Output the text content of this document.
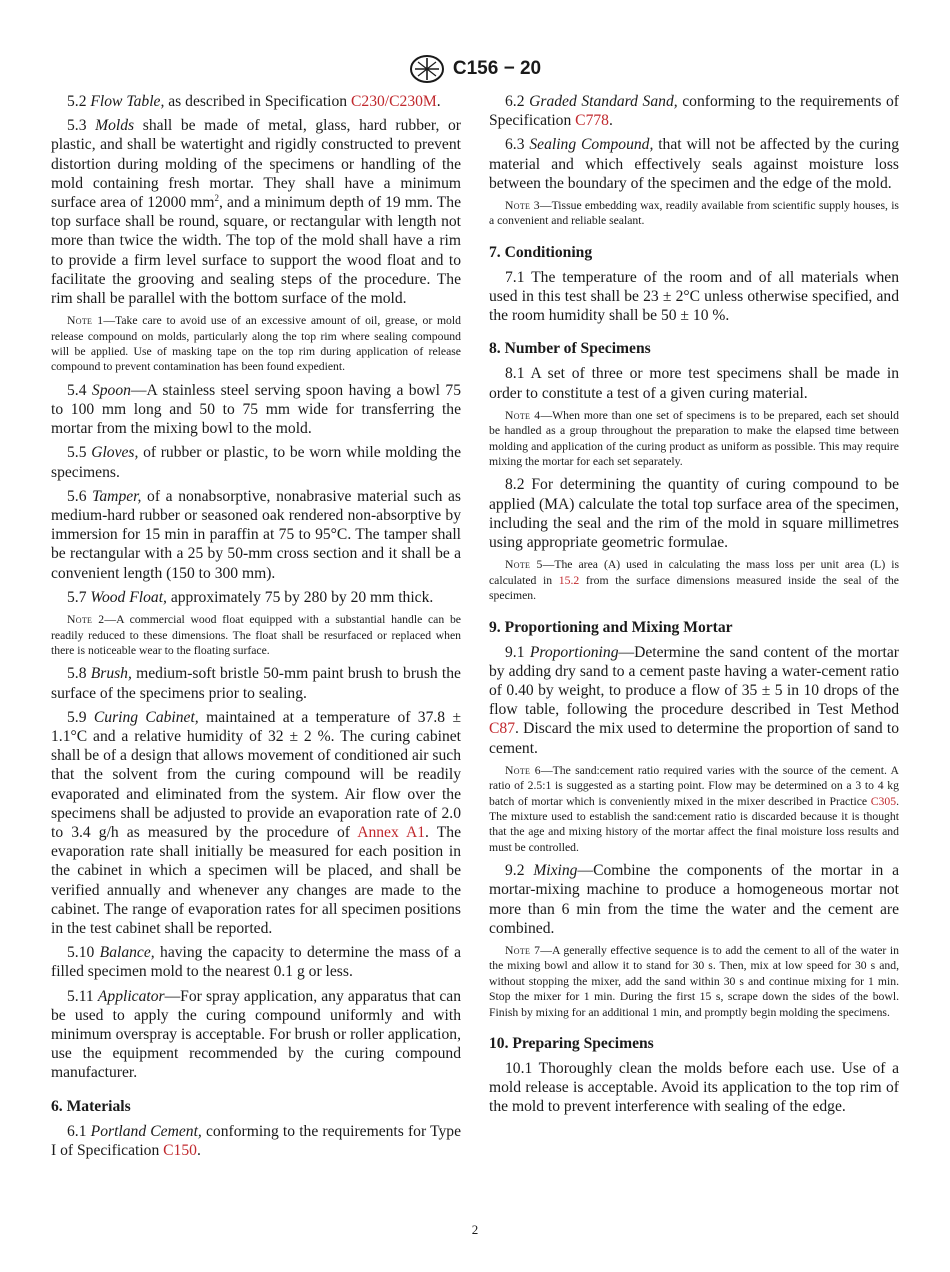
C156 − 20

5.2 Flow Table, as described in Specification C230/C230M.

5.3 Molds shall be made of metal, glass, hard rubber, or plastic, and shall be watertight and rigidly constructed to prevent distortion during molding of the specimens or handling of the mold containing fresh mortar. They shall have a minimum surface area of 12000 $mm^2$, and a minimum depth of 19 mm. The top surface shall be round, square, or rectangular with length not more than twice the width. The top of the mold shall have a rim to provide a firm level surface to support the wood float and to facilitate the grooving and sealing steps of the procedure. The rim shall be parallel with the bottom surface of the mold.

Note 1—Take care to avoid use of an excessive amount of oil, grease, or mold release compound on molds, particularly along the top rim where sealing compound will be applied. Use of masking tape on the top rim during application of release compound to prevent contamination has been found expedient.

5.4 Spoon—A stainless steel serving spoon having a bowl 75 to 100 mm long and 50 to 75 mm wide for transferring the mortar from the mixing bowl to the mold.

5.5 Gloves, of rubber or plastic, to be worn while molding the specimens.

5.6 Tamper, of a nonabsorptive, nonabrasive material such as medium-hard rubber or seasoned oak rendered non-absorptive by immersion for 15 min in paraffin at 75 to 95°C. The tamper shall be rectangular with a 25 by 50-mm cross section and it shall be a convenient length (150 to 300 mm).

5.7 Wood Float, approximately 75 by 280 by 20 mm thick.

Note 2—A commercial wood float equipped with a substantial handle can be readily reduced to these dimensions. The float shall be resurfaced or replaced when there is noticeable wear to the floating surface.

5.8 Brush, medium-soft bristle 50-mm paint brush to brush the surface of the specimens prior to sealing.

5.9 Curing Cabinet, maintained at a temperature of 37.8 ± 1.1°C and a relative humidity of 32 ± 2 %. The curing cabinet shall be of a design that allows movement of conditioned air such that the solvent from the curing compound will be readily evaporated and eliminated from the system. Air flow over the specimens shall be adjusted to provide an evaporation rate of 2.0 to 3.4 g/h as measured by the procedure of Annex A1. The evaporation rate shall initially be measured for each position in the cabinet in which a specimen will be placed, and shall be verified annually and whenever any changes are made to the cabinet. The range of evaporation rates for all specimen positions in the test cabinet shall be reported.

5.10 Balance, having the capacity to determine the mass of a filled specimen mold to the nearest 0.1 g or less.

5.11 Applicator—For spray application, any apparatus that can be used to apply the curing compound uniformly and with minimum overspray is acceptable. For brush or roller application, use the equipment recommended by the curing compound manufacturer.

6. Materials

6.1 Portland Cement, conforming to the requirements for Type I of Specification C150.

6.2 Graded Standard Sand, conforming to the requirements of Specification C778.

6.3 Sealing Compound, that will not be affected by the curing material and which effectively seals against moisture loss between the boundary of the specimen and the edge of the mold.

Note 3—Tissue embedding wax, readily available from scientific supply houses, is a convenient and reliable sealant.

7. Conditioning

7.1 The temperature of the room and of all materials when used in this test shall be 23 ± 2°C unless otherwise specified, and the room humidity shall be 50 ± 10 %.

8. Number of Specimens

8.1 A set of three or more test specimens shall be made in order to constitute a test of a given curing material.

Note 4—When more than one set of specimens is to be prepared, each set should be handled as a group throughout the preparation to make the elapsed time between molding and application of the curing product as uniform as possible. This may require mixing the mortar for each set separately.

8.2 For determining the quantity of curing compound to be applied (MA) calculate the total top surface area of the specimen, including the seal and the rim of the mold in square millimetres using appropriate geometric formulae.

Note 5—The area (A) used in calculating the mass loss per unit area (L) is calculated in 15.2 from the surface dimensions measured inside the seal of the specimen.

9. Proportioning and Mixing Mortar

9.1 Proportioning—Determine the sand content of the mortar by adding dry sand to a cement paste having a water-cement ratio of 0.40 by weight, to produce a flow of 35 ± 5 in 10 drops of the flow table, following the procedure described in Test Method C87. Discard the mix used to determine the proportion of sand to cement.

Note 6—The sand:cement ratio required varies with the source of the cement. A ratio of 2.5:1 is suggested as a starting point. Flow may be determined on a 3 to 4 kg batch of mortar which is conveniently mixed in the mixer described in Practice C305. The mixture used to establish the sand:cement ratio is discarded because it is thought that the age and mixing history of the mortar affect the final moisture loss results and must be controlled.

9.2 Mixing—Combine the components of the mortar in a mortar-mixing machine to produce a homogeneous mortar not more than 6 min from the time the water and the cement are combined.

Note 7—A generally effective sequence is to add the cement to all of the water in the mixing bowl and allow it to stand for 30 s. Then, mix at low speed for 30 s and, without stopping the mixer, add the sand within 30 s and continue mixing for 1 min. Stop the mixer for 1 min. During the first 15 s, scrape down the sides of the bowl. Finish by mixing for an additional 1 min, and promptly begin molding the specimens.

10. Preparing Specimens

10.1 Thoroughly clean the molds before each use. Use of a mold release is acceptable. Avoid its application to the top rim of the mold to prevent interference with sealing of the edge.

2
